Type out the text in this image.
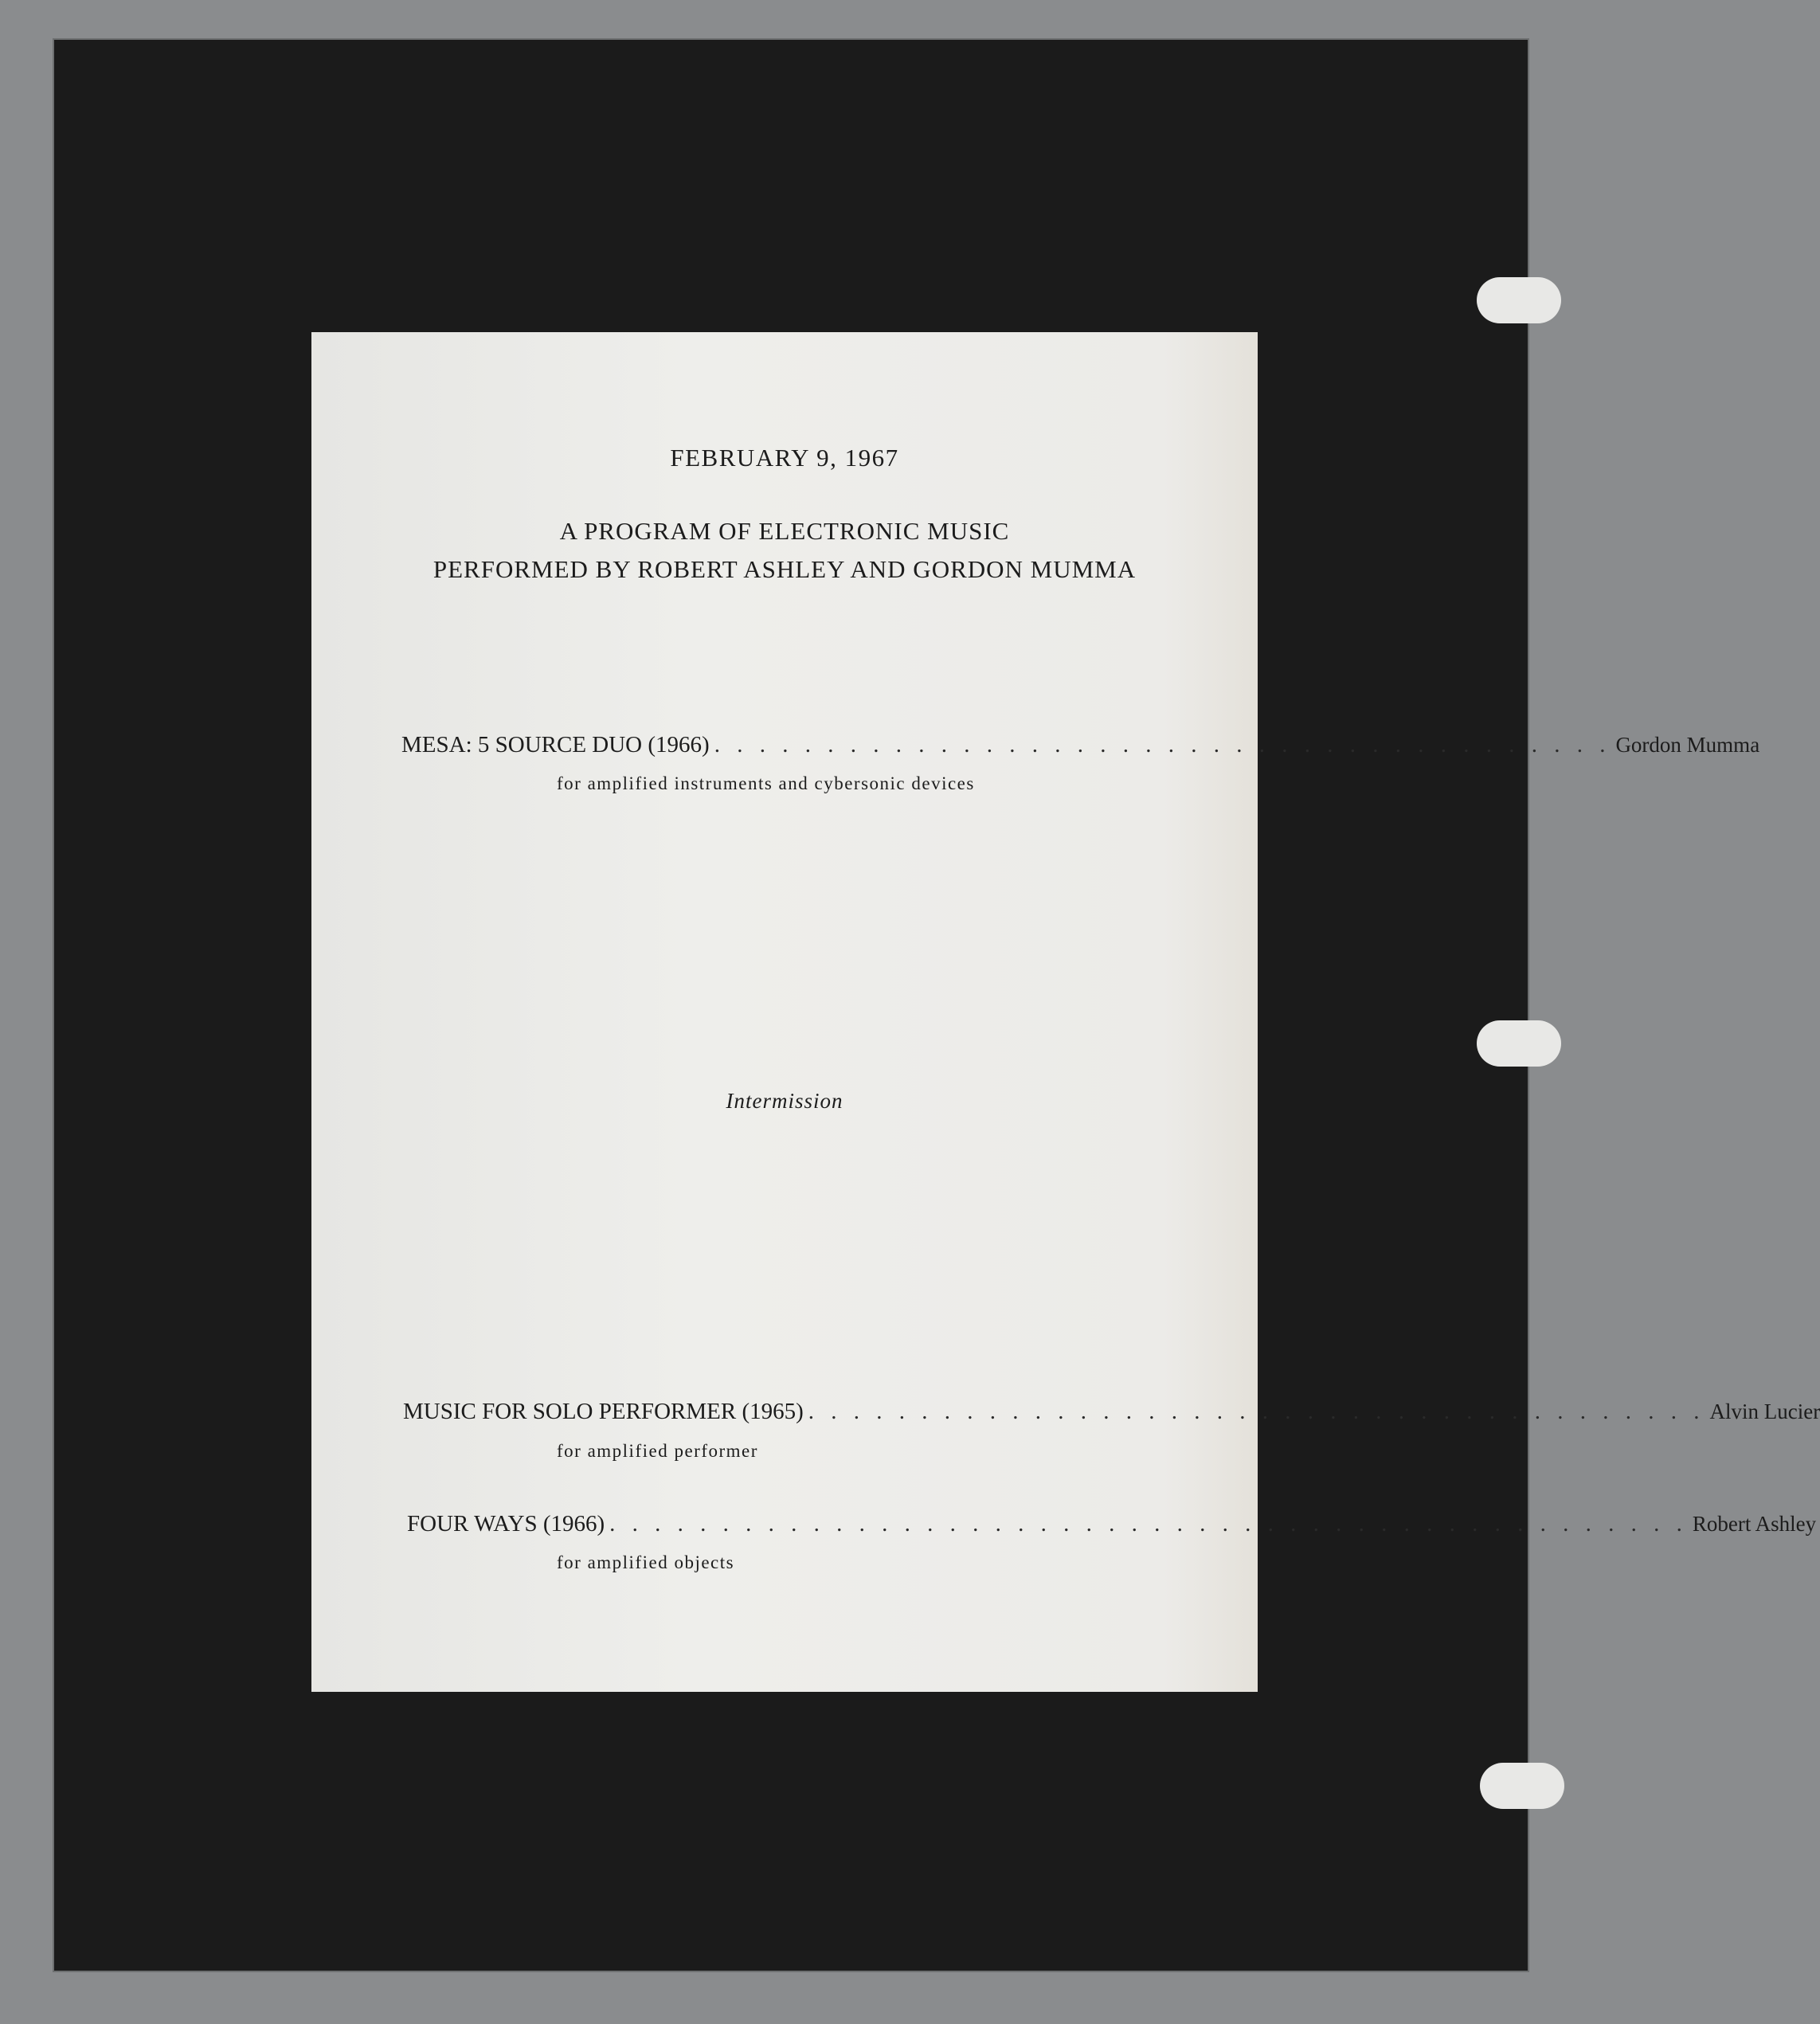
FEBRUARY 9, 1967
A PROGRAM OF ELECTRONIC MUSIC
PERFORMED BY ROBERT ASHLEY AND GORDON MUMMA
MESA: 5 SOURCE DUO (1966) . . . . . . . . . . . . . . . . . . . . . . . . . . . . . . . . . . . . . . . . Gordon Mumma
for amplified instruments and cybersonic devices
Intermission
MUSIC FOR SOLO PERFORMER (1965) . . . . . . . . . . . . . . . . . . . . . . . . . . . . . . . . . . . . . . . . Alvin Lucier
for amplified performer
FOUR WAYS (1966) . . . . . . . . . . . . . . . . . . . . . . . . . . . . . . . . . . . . . . . . . . . . . . . . Robert Ashley
for amplified objects
